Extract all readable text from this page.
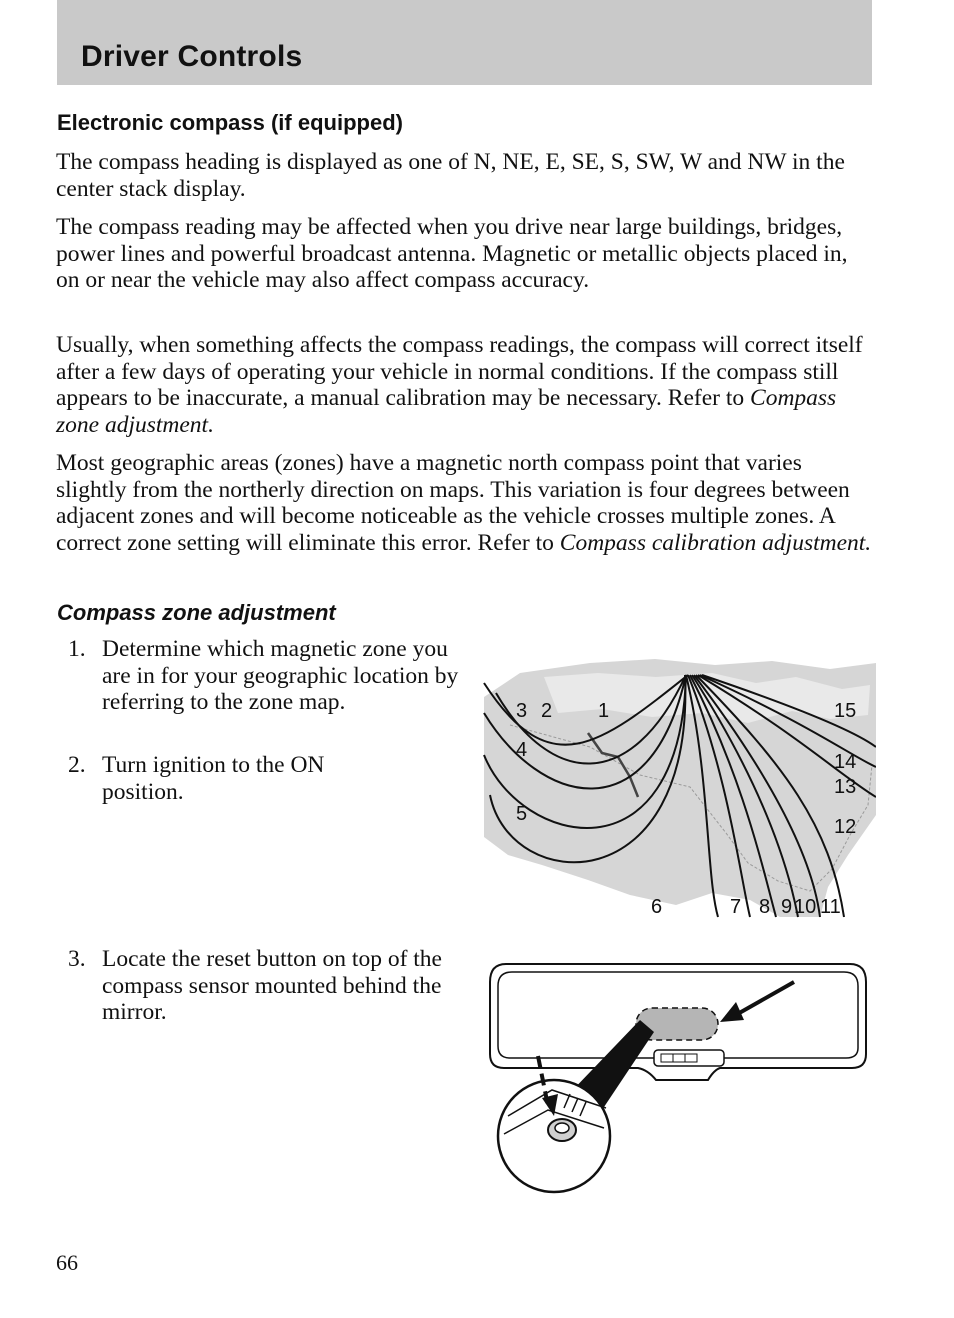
Driver Controls
Electronic compass (if equipped)

The compass heading is displayed as one of N, NE, E, SE, S, SW, W and NW in the center stack display.

The compass reading may be affected when you drive near large buildings, bridges, power lines and powerful broadcast antenna. Magnetic or metallic objects placed in, on or near the vehicle may also affect compass accuracy.

Usually, when something affects the compass readings, the compass will correct itself after a few days of operating your vehicle in normal conditions. If the compass still appears to be inaccurate, a manual calibration may be necessary. Refer to Compass zone adjustment.

Most geographic areas (zones) have a magnetic north compass point that varies slightly from the northerly direction on maps. This variation is four degrees between adjacent zones and will become noticeable as the vehicle crosses multiple zones. A correct zone setting will eliminate this error. Refer to Compass calibration adjustment.

Compass zone adjustment
1. Determine which magnetic zone you are in for your geographic location by referring to the zone map.
2. Turn ignition to the ON position.
3. Locate the reset button on top of the compass sensor mounted behind the mirror.
1
2
3
4
5
6	7 8 9 10 11
12
13
14
15
66
